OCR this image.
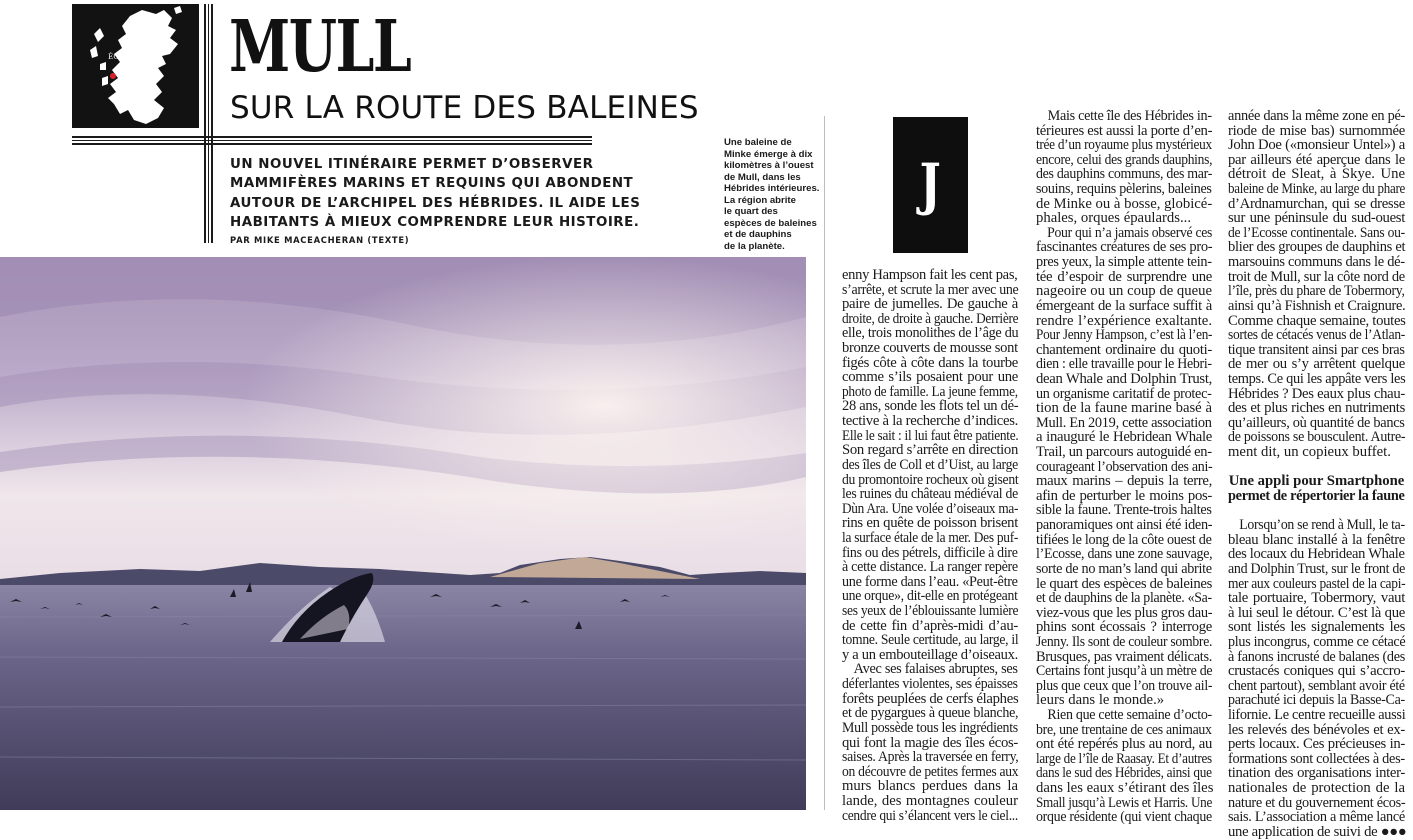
ÉCOSSE MULL
SUR LA ROUTE DES BALEINES
UN NOUVEL ITINÉRAIRE PERMET D’OBSERVER
MAMMIFÈRES MARINS ET REQUINS QUI ABONDENT
AUTOUR DE L’ARCHIPEL DES HÉBRIDES. IL AIDE LES
HABITANTS À MIEUX COMPRENDRE LEUR HISTOIRE.
PAR MIKE MACEACHERAN (TEXTE)
Une baleine de
Minke émerge à dix
kilomètres à l’ouest
de Mull, dans les
Hébrides intérieures.
La région abrite
le quart des
espèces de baleines
et de dauphins
de la planète.
J
enny Hampson fait les cent pas,
s’arrête, et scrute la mer avec une
paire de jumelles. De gauche à
droite, de droite à gauche. Derrière
elle, trois monolithes de l’âge du
bronze couverts de mousse sont
figés côte à côte dans la tourbe
comme s’ils posaient pour une
photo de famille. La jeune femme,
28 ans, sonde les flots tel un dé-
tective à la recherche d’indices.
Elle le sait : il lui faut être patiente.
Son regard s’arrête en direction
des îles de Coll et d’Uist, au large
du promontoire rocheux où gisent
les ruines du château médiéval de
Dùn Ara. Une volée d’oiseaux ma-
rins en quête de poisson brisent
la surface étale de la mer. Des puf-
fins ou des pétrels, difficile à dire
à cette distance. La ranger repère
une forme dans l’eau. «Peut-être
une orque», dit-elle en protégeant
ses yeux de l’éblouissante lumière
de cette fin d’après-midi d’au-
tomne. Seule certitude, au large, il
y a un embouteillage d’oiseaux.
Avec ses falaises abruptes, ses
déferlantes violentes, ses épaisses
forêts peuplées de cerfs élaphes
et de pygargues à queue blanche,
Mull possède tous les ingrédients
qui font la magie des îles écos-
saises. Après la traversée en ferry,
on découvre de petites fermes aux
murs blancs perdues dans la
lande, des montagnes couleur
cendre qui s’élancent vers le ciel...
Mais cette île des Hébrides in-
térieures est aussi la porte d’en-
trée d’un royaume plus mystérieux
encore, celui des grands dauphins,
des dauphins communs, des mar-
souins, requins pèlerins, baleines
de Minke ou à bosse, globicé-
phales, orques épaulards...
Pour qui n’a jamais observé ces
fascinantes créatures de ses pro-
pres yeux, la simple attente tein-
tée d’espoir de surprendre une
nageoire ou un coup de queue
émergeant de la surface suffit à
rendre l’expérience exaltante.
Pour Jenny Hampson, c’est là l’en-
chantement ordinaire du quoti-
dien : elle travaille pour le Hebri-
dean Whale and Dolphin Trust,
un organisme caritatif de protec-
tion de la faune marine basé à
Mull. En 2019, cette association
a inauguré le Hebridean Whale
Trail, un parcours autoguidé en-
courageant l’observation des ani-
maux marins – depuis la terre,
afin de perturber le moins pos-
sible la faune. Trente-trois haltes
panoramiques ont ainsi été iden-
tifiées le long de la côte ouest de
l’Ecosse, dans une zone sauvage,
sorte de no man’s land qui abrite
le quart des espèces de baleines
et de dauphins de la planète. «Sa-
viez-vous que les plus gros dau-
phins sont écossais ? interroge
Jenny. Ils sont de couleur sombre.
Brusques, pas vraiment délicats.
Certains font jusqu’à un mètre de
plus que ceux que l’on trouve ail-
leurs dans le monde.»
Rien que cette semaine d’octo-
bre, une trentaine de ces animaux
ont été repérés plus au nord, au
large de l’île de Raasay. Et d’autres
dans le sud des Hébrides, ainsi que
dans les eaux s’étirant des îles
Small jusqu’à Lewis et Harris. Une
orque résidente (qui vient chaque
année dans la même zone en pé-
riode de mise bas) surnommée
John Doe («monsieur Untel») a
par ailleurs été aperçue dans le
détroit de Sleat, à Skye. Une
baleine de Minke, au large du phare
d’Ardnamurchan, qui se dresse
sur une péninsule du sud-ouest
de l’Ecosse continentale. Sans ou-
blier des groupes de dauphins et
marsouins communs dans le dé-
troit de Mull, sur la côte nord de
l’île, près du phare de Tobermory,
ainsi qu’à Fishnish et Craignure.
Comme chaque semaine, toutes
sortes de cétacés venus de l’Atlan-
tique transitent ainsi par ces bras
de mer ou s’y arrêtent quelque
temps. Ce qui les appâte vers les
Hébrides ? Des eaux plus chau-
des et plus riches en nutriments
qu’ailleurs, où quantité de bancs
de poissons se bousculent. Autre-
ment dit, un copieux buffet.
Une appli pour Smartphone
permet de répertorier la faune
Lorsqu’on se rend à Mull, le ta-
bleau blanc installé à la fenêtre
des locaux du Hebridean Whale
and Dolphin Trust, sur le front de
mer aux couleurs pastel de la capi-
tale portuaire, Tobermory, vaut
à lui seul le détour. C’est là que
sont listés les signalements les
plus incongrus, comme ce cétacé
à fanons incrusté de balanes (des
crustacés coniques qui s’accro-
chent partout), semblant avoir été
parachuté ici depuis la Basse-Ca-
lifornie. Le centre recueille aussi
les relevés des bénévoles et ex-
perts locaux. Ces précieuses in-
formations sont collectées à des-
tination des organisations inter-
nationales de protection de la
nature et du gouvernement écos-
sais. L’association a même lancé
une application de suivi de ●●●
